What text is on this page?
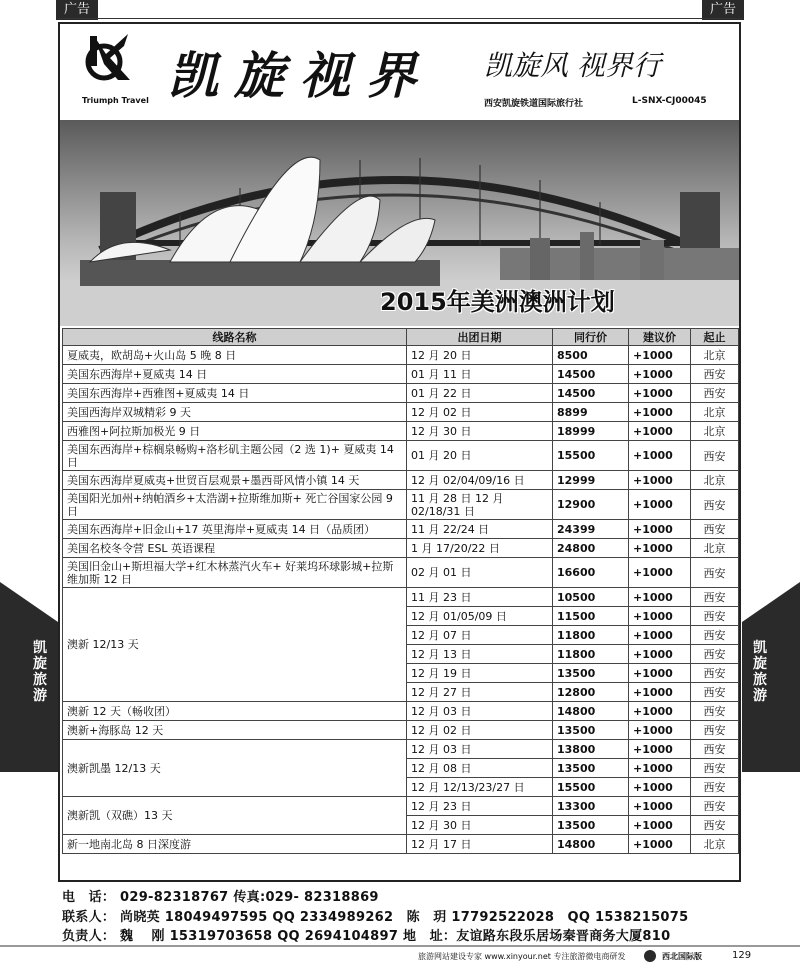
广告	广告
Triumph Travel 凯旋视界 凯旋风 视界行
西安凯旋铁道国际旅行社	L-SNX-CJ00045
2015年美洲澳洲计划
线路名称	出团日期	同行价	建议价	起止
夏威夷，欧胡岛+火山岛 5 晚 8 日	12 月 20 日	8500	+1000	北京
美国东西海岸+夏威夷 14 日	01 月 11 日	14500	+1000	西安
美国东西海岸+西雅图+夏威夷 14 日	01 月 22 日	14500	+1000	西安
美国西海岸双城精彩 9 天	12 月 02 日	8899	+1000	北京
西雅图+阿拉斯加极光 9 日	12 月 30 日	18999	+1000	北京
美国东西海岸+棕榈泉畅购+洛杉矶主题公园（2 选 1)+ 夏威夷 14 日	01 月 20 日	15500	+1000	西安
美国东西海岸夏威夷+世贸百层观景+墨西哥风情小镇 14 天	12 月 02/04/09/16 日	12999	+1000	北京
美国阳光加州+纳帕酒乡+太浩湖+拉斯维加斯+ 死亡谷国家公园 9 日	11 月 28 日 12 月 02/18/31 日	12900	+1000	西安
美国东西海岸+旧金山+17 英里海岸+夏威夷 14 日（品质团）	11 月 22/24 日	24399	+1000	西安
美国名校冬令营 ESL 英语课程	1 月 17/20/22 日	24800	+1000	北京
美国旧金山+斯坦福大学+红木林蒸汽火车+ 好莱坞环球影城+拉斯维加斯 12 日	02 月 01 日	16600	+1000	西安
澳新 12/13 天	11 月 23 日	10500	+1000	西安
	12 月 01/05/09 日	11500	+1000	西安
	12 月 07 日	11800	+1000	西安
	12 月 13 日	11800	+1000	西安
	12 月 19 日	13500	+1000	西安
	12 月 27 日	12800	+1000	西安
澳新 12 天（畅收团）	12 月 03 日	14800	+1000	西安
澳新+海豚岛 12 天	12 月 02 日	13500	+1000	西安
澳新凯墨 12/13 天	12 月 03 日	13800	+1000	西安
	12 月 08 日	13500	+1000	西安
	12 月 12/13/23/27 日	15500	+1000	西安
澳新凯（双礁）13 天	12 月 23 日	13300	+1000	西安
	12 月 30 日	13500	+1000	西安
新一地南北岛 8 日深度游	12 月 17 日	14800	+1000	北京
凯旋旅游
凯旋旅游
电　话： 029-82318767 传真:029- 82318869
联系人： 尚晓英 18049497595 QQ 2334989262　陈　玥 17792522028　QQ 1538215075
负责人： 魏　 刚 15319703658 QQ 2694104897 地　址：友谊路东段乐居场秦晋商务大厦810
旅游网站建设专家 www.xinyour.net 专注旅游微电商研发	西北国际版	129
